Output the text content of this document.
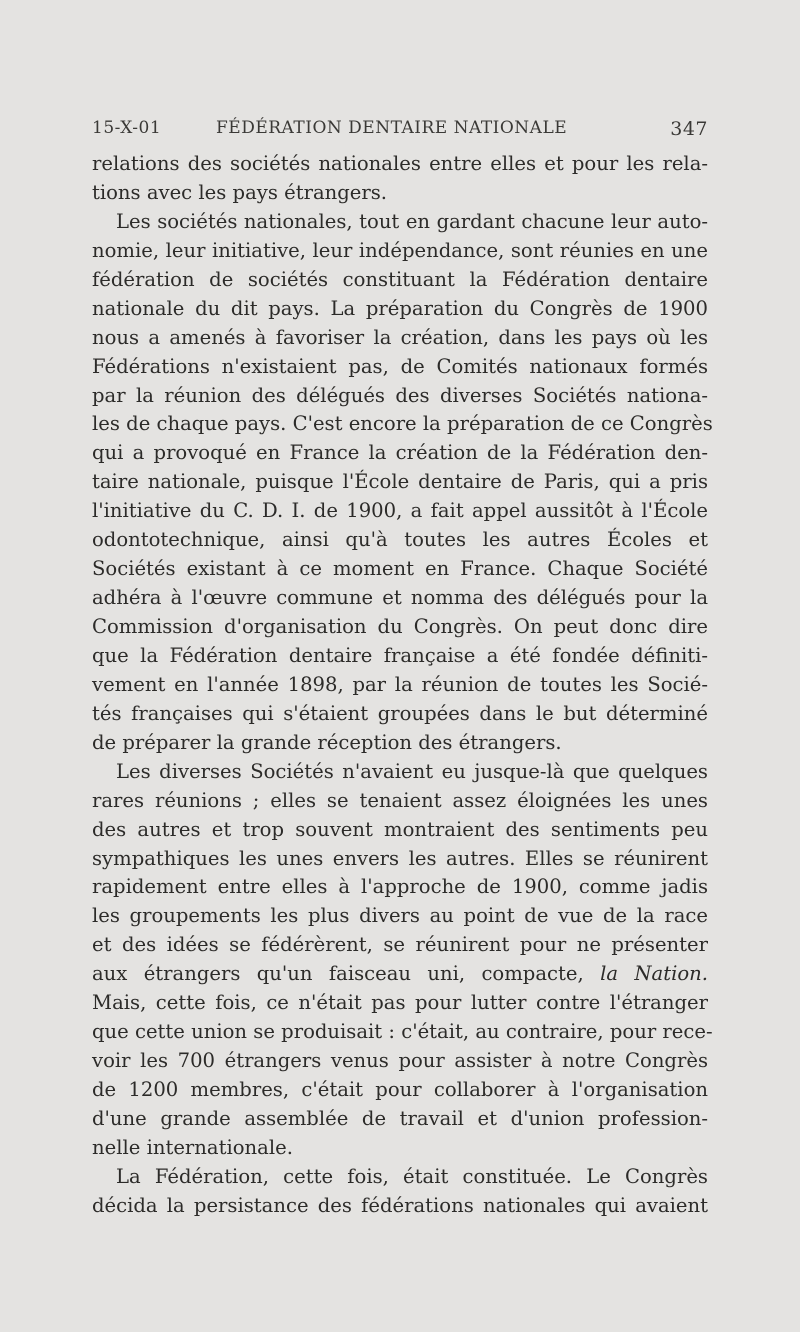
15-X-01	FÉDÉRATION DENTAIRE NATIONALE	347
relations des sociétés nationales entre elles et pour les rela-
tions avec les pays étrangers.
Les sociétés nationales, tout en gardant chacune leur auto-
nomie, leur initiative, leur indépendance, sont réunies en une
fédération de sociétés constituant la Fédération dentaire
nationale du dit pays. La préparation du Congrès de 1900
nous a amenés à favoriser la création, dans les pays où les
Fédérations n'existaient pas, de Comités nationaux formés
par la réunion des délégués des diverses Sociétés nationa-
les de chaque pays. C'est encore la préparation de ce Congrès
qui a provoqué en France la création de la Fédération den-
taire nationale, puisque l'École dentaire de Paris, qui a pris
l'initiative du C. D. I. de 1900, a fait appel aussitôt à l'École
odontotechnique, ainsi qu'à toutes les autres Écoles et
Sociétés existant à ce moment en France. Chaque Société
adhéra à l'œuvre commune et nomma des délégués pour la
Commission d'organisation du Congrès. On peut donc dire
que la Fédération dentaire française a été fondée définiti-
vement en l'année 1898, par la réunion de toutes les Socié-
tés françaises qui s'étaient groupées dans le but déterminé
de préparer la grande réception des étrangers.
Les diverses Sociétés n'avaient eu jusque-là que quelques
rares réunions ; elles se tenaient assez éloignées les unes
des autres et trop souvent montraient des sentiments peu
sympathiques les unes envers les autres. Elles se réunirent
rapidement entre elles à l'approche de 1900, comme jadis
les groupements les plus divers au point de vue de la race
et des idées se fédérèrent, se réunirent pour ne présenter
aux étrangers qu'un faisceau uni, compacte, la Nation.
Mais, cette fois, ce n'était pas pour lutter contre l'étranger
que cette union se produisait : c'était, au contraire, pour rece-
voir les 700 étrangers venus pour assister à notre Congrès
de 1200 membres, c'était pour collaborer à l'organisation
d'une grande assemblée de travail et d'union profession-
nelle internationale.
La Fédération, cette fois, était constituée. Le Congrès
décida la persistance des fédérations nationales qui avaient
